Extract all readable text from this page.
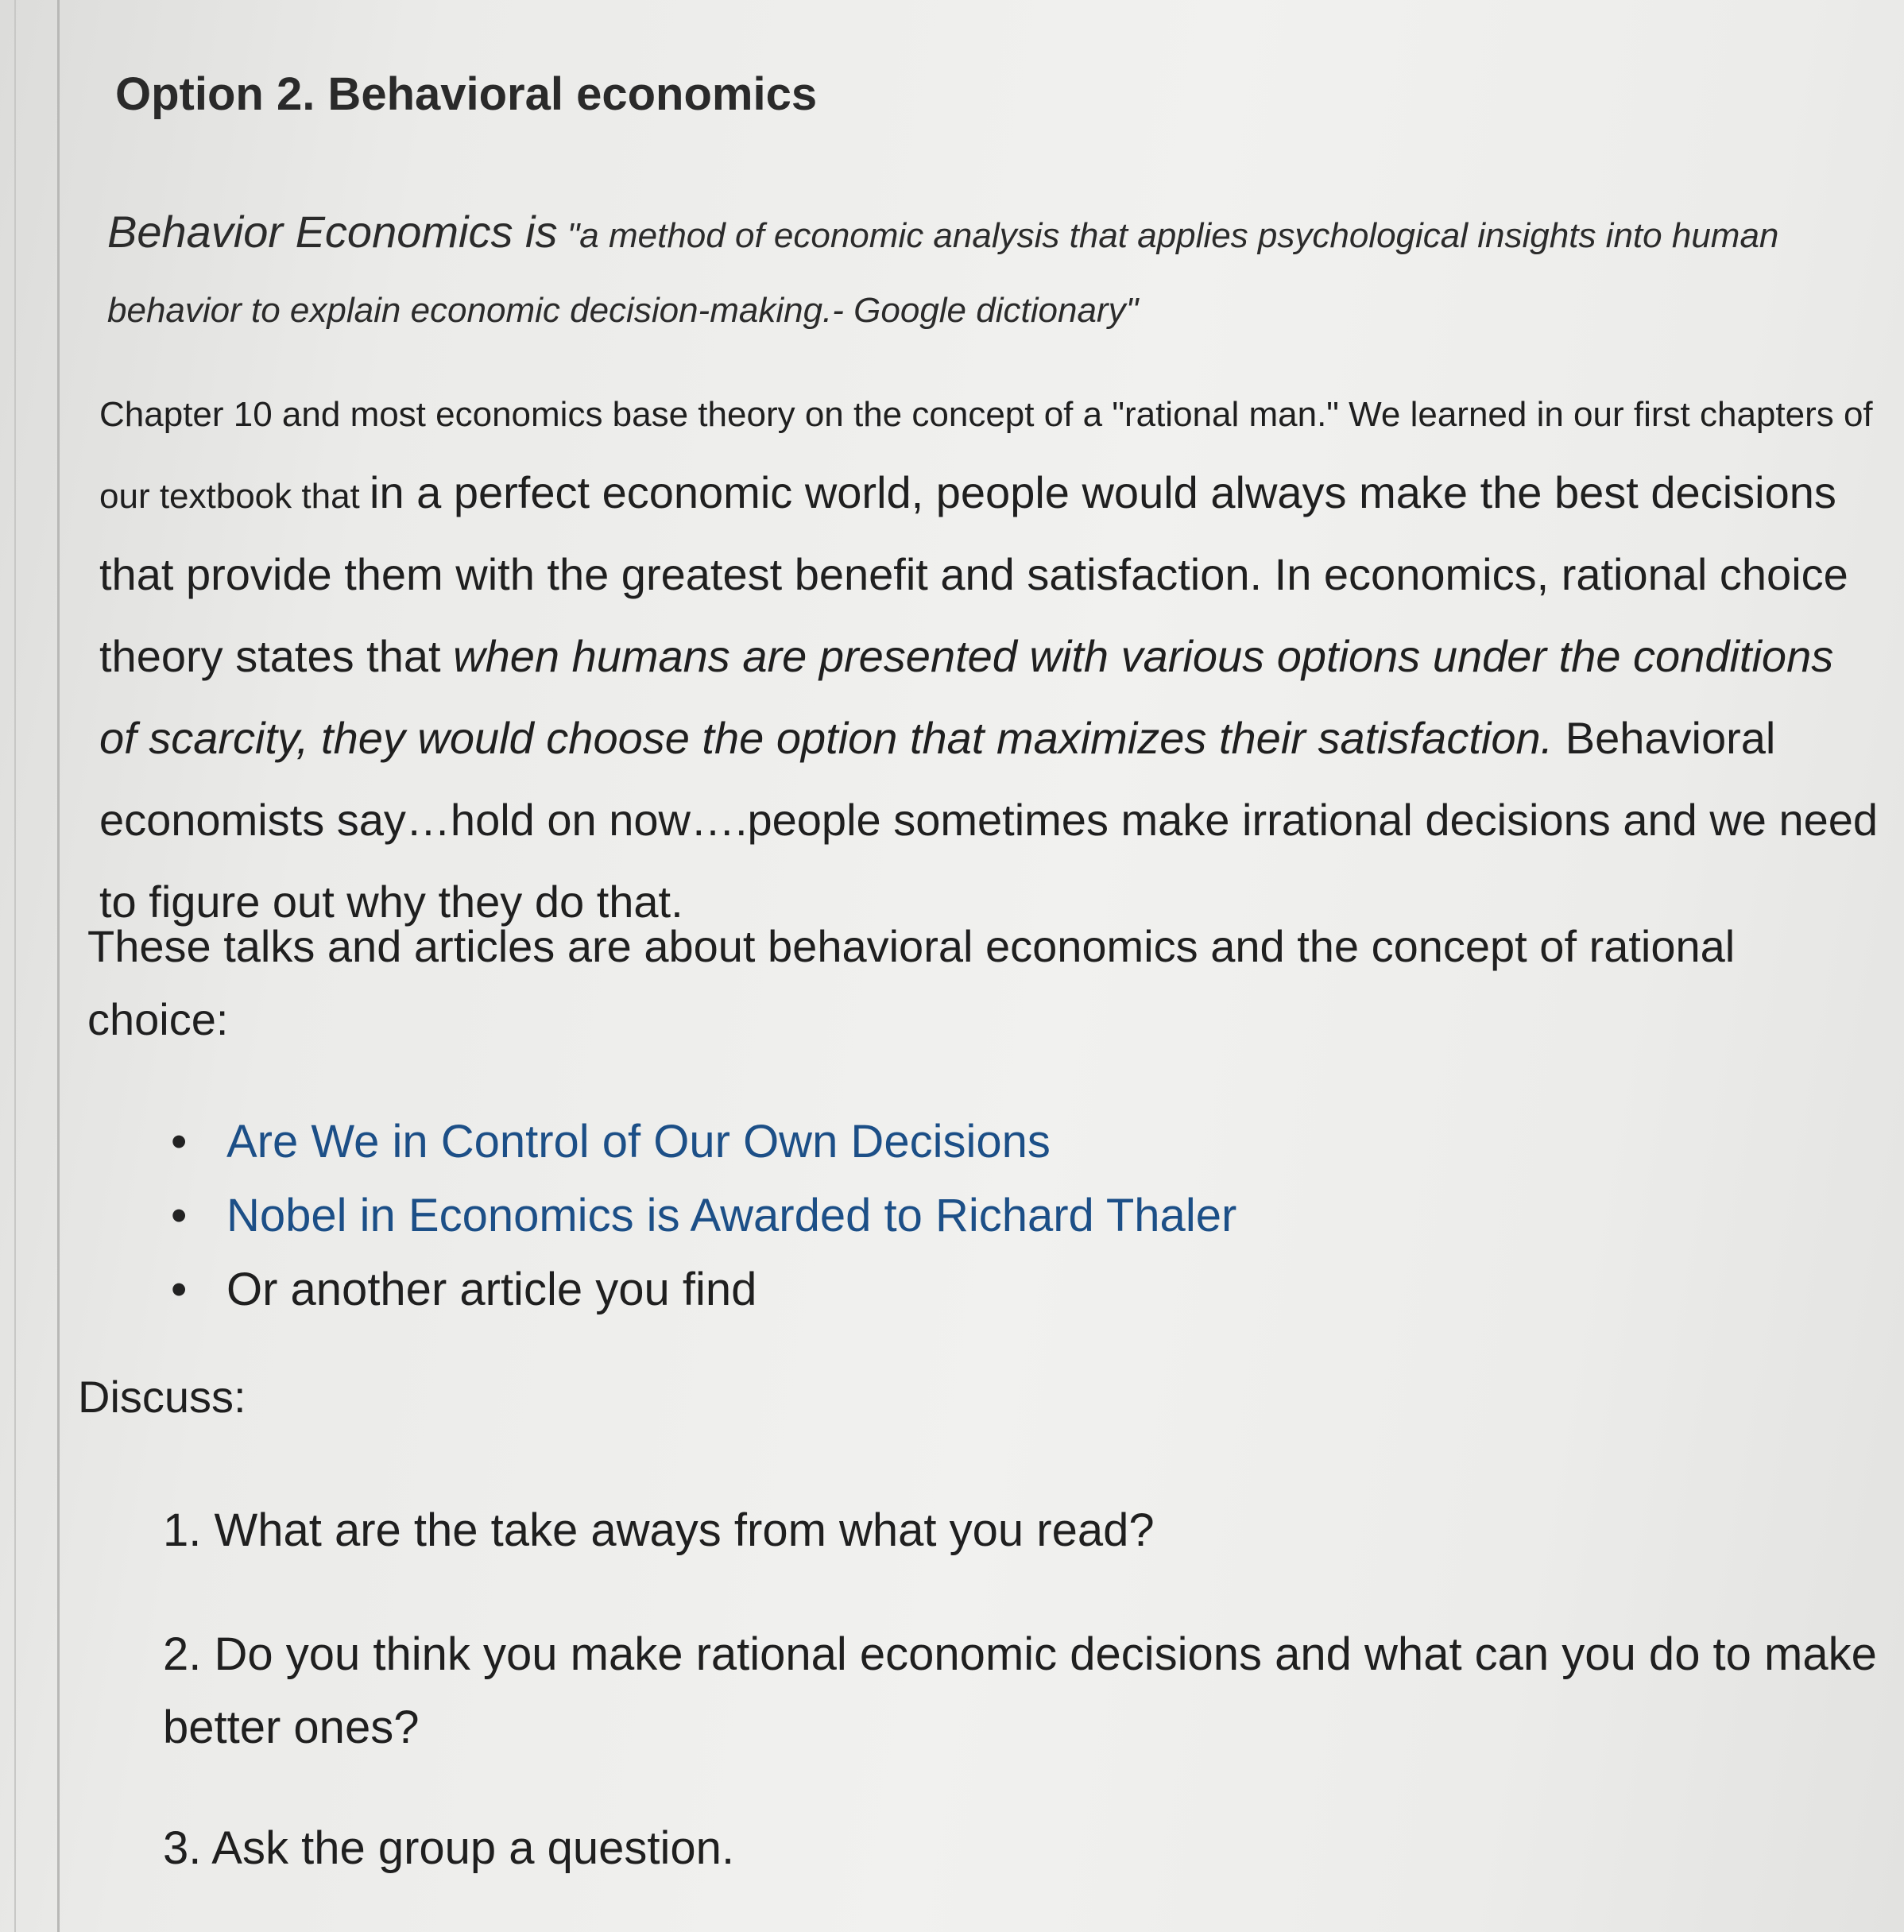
Option 2. Behavioral economics
Behavior Economics is "a method of economic analysis that applies psychological insights into human behavior to explain economic decision-making.- Google dictionary"
Chapter 10 and most economics base theory on the concept of a "rational man." We learned in our first chapters of our textbook that in a perfect economic world, people would always make the best decisions that provide them with the greatest benefit and satisfaction. In economics, rational choice theory states that when humans are presented with various options under the conditions of scarcity, they would choose the option that maximizes their satisfaction. Behavioral economists say…hold on now….people sometimes make irrational decisions and we need to figure out why they do that.
These talks and articles are about behavioral economics and the concept of rational choice:
• Are We in Control of Our Own Decisions
• Nobel in Economics is Awarded to Richard Thaler
• Or another article you find
Discuss:
1. What are the take aways from what you read?
2. Do you think you make rational economic decisions and what can you do to make better ones?
3. Ask the group a question.
